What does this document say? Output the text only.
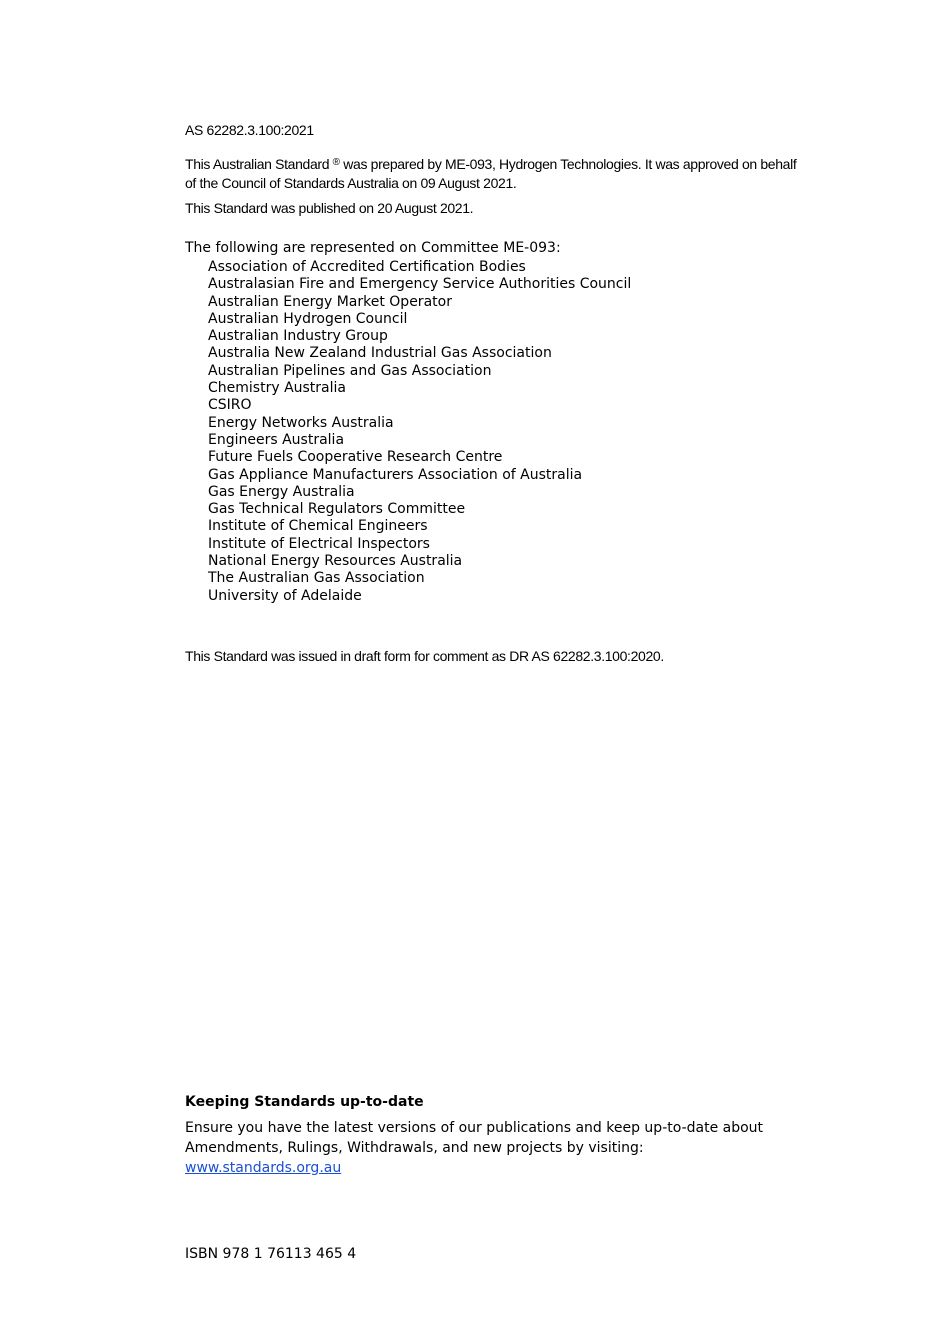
AS 62282.3.100:2021

This Australian Standard ® was prepared by ME-093, Hydrogen Technologies. It was approved on behalf of the Council of Standards Australia on 09 August 2021.

This Standard was published on 20 August 2021.

The following are represented on Committee ME-093:

Association of Accredited Certification Bodies
Australasian Fire and Emergency Service Authorities Council
Australian Energy Market Operator
Australian Hydrogen Council
Australian Industry Group
Australia New Zealand Industrial Gas Association
Australian Pipelines and Gas Association
Chemistry Australia
CSIRO
Energy Networks Australia
Engineers Australia
Future Fuels Cooperative Research Centre
Gas Appliance Manufacturers Association of Australia
Gas Energy Australia
Gas Technical Regulators Committee
Institute of Chemical Engineers
Institute of Electrical Inspectors
National Energy Resources Australia
The Australian Gas Association
University of Adelaide

This Standard was issued in draft form for comment as DR AS 62282.3.100:2020.

Keeping Standards up-to-date

Ensure you have the latest versions of our publications and keep up-to-date about Amendments, Rulings, Withdrawals, and new projects by visiting:
www.standards.org.au

ISBN 978 1 76113 465 4
